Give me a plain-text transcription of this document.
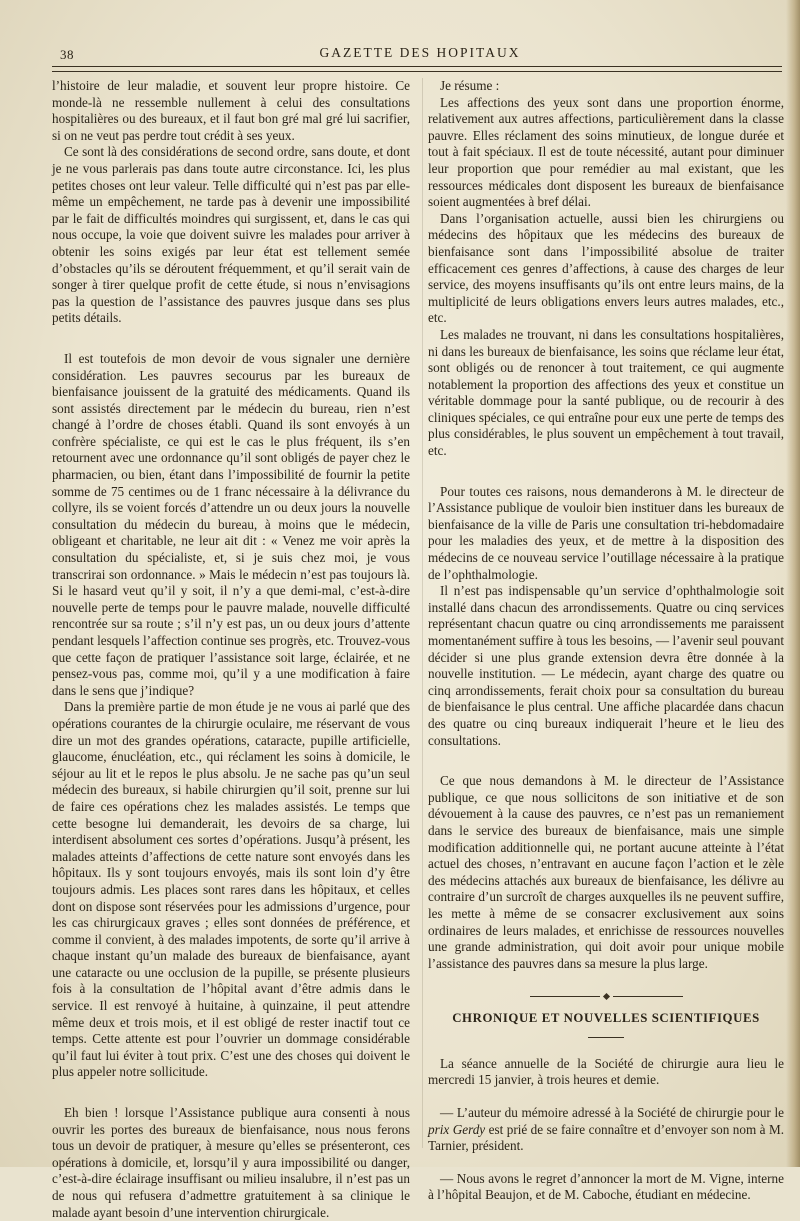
38	GAZETTE DES HOPITAUX

l’histoire de leur maladie, et souvent leur propre histoire. Ce monde-là ne ressemble nullement à celui des consultations hospitalières ou des bureaux, et il faut bon gré mal gré lui sacrifier, si on ne veut pas perdre tout crédit à ses yeux.

Ce sont là des considérations de second ordre, sans doute, et dont je ne vous parlerais pas dans toute autre circonstance. Ici, les plus petites choses ont leur valeur. Telle difficulté qui n’est pas par elle-même un empêchement, ne tarde pas à devenir une impossibilité par le fait de difficultés moindres qui surgissent, et, dans le cas qui nous occupe, la voie que doivent suivre les malades pour arriver à obtenir les soins exigés par leur état est tellement semée d’obstacles qu’ils se déroutent fréquemment, et qu’il serait vain de songer à tirer quelque profit de cette étude, si nous n’envisagions pas la question de l’assistance des pauvres jusque dans ses plus petits détails.

Il est toutefois de mon devoir de vous signaler une dernière considération. Les pauvres secourus par les bureaux de bienfaisance jouissent de la gratuité des médicaments. Quand ils sont assistés directement par le médecin du bureau, rien n’est changé à l’ordre de choses établi. Quand ils sont envoyés à un confrère spécialiste, ce qui est le cas le plus fréquent, ils s’en retournent avec une ordonnance qu’il sont obligés de payer chez le pharmacien, ou bien, étant dans l’impossibilité de fournir la petite somme de 75 centimes ou de 1 franc nécessaire à la délivrance du collyre, ils se voient forcés d’attendre un ou deux jours la nouvelle consultation du médecin du bureau, à moins que le médecin, obligeant et charitable, ne leur ait dit : « Venez me voir après la consultation du spécialiste, et, si je suis chez moi, je vous transcrirai son ordonnance. » Mais le médecin n’est pas toujours là. Si le hasard veut qu’il y soit, il n’y a que demi-mal, c’est-à-dire nouvelle perte de temps pour le pauvre malade, nouvelle difficulté rencontrée sur sa route ; s’il n’y est pas, un ou deux jours d’attente pendant lesquels l’affection continue ses progrès, etc. Trouvez-vous que cette façon de pratiquer l’assistance soit large, éclairée, et ne pensez-vous pas, comme moi, qu’il y a une modification à faire dans le sens que j’indique?

Dans la première partie de mon étude je ne vous ai parlé que des opérations courantes de la chirurgie oculaire, me réservant de vous dire un mot des grandes opérations, cataracte, pupille artificielle, glaucome, énucléation, etc., qui réclament les soins à domicile, le séjour au lit et le repos le plus absolu. Je ne sache pas qu’un seul médecin des bureaux, si habile chirurgien qu’il soit, prenne sur lui de faire ces opérations chez les malades assistés. Le temps que cette besogne lui demanderait, les devoirs de sa charge, lui interdisent absolument ces sortes d’opérations. Jusqu’à présent, les malades atteints d’affections de cette nature sont envoyés dans les hôpitaux. Ils y sont toujours envoyés, mais ils sont loin d’y être toujours admis. Les places sont rares dans les hôpitaux, et celles dont on dispose sont réservées pour les admissions d’urgence, pour les cas chirurgicaux graves ; elles sont données de préférence, et comme il convient, à des malades impotents, de sorte qu’il arrive à chaque instant qu’un malade des bureaux de bienfaisance, ayant une cataracte ou une occlusion de la pupille, se présente plusieurs fois à la consultation de l’hôpital avant d’être admis dans le service. Il est renvoyé à huitaine, à quinzaine, il peut attendre même deux et trois mois, et il est obligé de rester inactif tout ce temps. Cette attente est pour l’ouvrier un dommage considérable qu’il faut lui éviter à tout prix. C’est une des choses qui doivent le plus appeler notre sollicitude.

Eh bien ! lorsque l’Assistance publique aura consenti à nous ouvrir les portes des bureaux de bienfaisance, nous nous ferons tous un devoir de pratiquer, à mesure qu’elles se présenteront, ces opérations à domicile, et, lorsqu’il y aura impossibilité ou danger, c’est-à-dire éclairage insuffisant ou milieu insalubre, il n’est pas un de nous qui refusera d’admettre gratuitement à sa clinique le malade ayant besoin d’une intervention chirurgicale.

Je résume :

Les affections des yeux sont dans une proportion énorme, relativement aux autres affections, particulièrement dans la classe pauvre. Elles réclament des soins minutieux, de longue durée et tout à fait spéciaux. Il est de toute nécessité, autant pour diminuer leur proportion que pour remédier au mal existant, que les ressources médicales dont disposent les bureaux de bienfaisance soient augmentées à bref délai.

Dans l’organisation actuelle, aussi bien les chirurgiens ou médecins des hôpitaux que les médecins des bureaux de bienfaisance sont dans l’impossibilité absolue de traiter efficacement ces genres d’affections, à cause des charges de leur service, des moyens insuffisants qu’ils ont entre leurs mains, de la multiplicité de leurs obligations envers leurs autres malades, etc., etc.

Les malades ne trouvant, ni dans les consultations hospitalières, ni dans les bureaux de bienfaisance, les soins que réclame leur état, sont obligés ou de renoncer à tout traitement, ce qui augmente notablement la proportion des affections des yeux et constitue un véritable dommage pour la santé publique, ou de recourir à des cliniques spéciales, ce qui entraîne pour eux une perte de temps des plus considérables, le plus souvent un empêchement à tout travail, etc.

Pour toutes ces raisons, nous demanderons à M. le directeur de l’Assistance publique de vouloir bien instituer dans les bureaux de bienfaisance de la ville de Paris une consultation tri-hebdomadaire pour les maladies des yeux, et de mettre à la disposition des médecins de ce nouveau service l’outillage nécessaire à la pratique de l’ophthalmologie.

Il n’est pas indispensable qu’un service d’ophthalmologie soit installé dans chacun des arrondissements. Quatre ou cinq services représentant chacun quatre ou cinq arrondissements me paraissent momentanément suffire à tous les besoins, — l’avenir seul pouvant décider si une plus grande extension devra être donnée à la nouvelle institution. — Le médecin, ayant charge des quatre ou cinq arrondissements, ferait choix pour sa consultation du bureau de bienfaisance le plus central. Une affiche placardée dans chacun des quatre ou cinq bureaux indiquerait l’heure et le lieu des consultations.

Ce que nous demandons à M. le directeur de l’Assistance publique, ce que nous sollicitons de son initiative et de son dévouement à la cause des pauvres, ce n’est pas un remaniement dans le service des bureaux de bienfaisance, mais une simple modification additionnelle qui, ne portant aucune atteinte à l’état actuel des choses, n’entravant en aucune façon l’action et le zèle des médecins attachés aux bureaux de bienfaisance, les délivre au contraire d’un surcroît de charges auxquelles ils ne peuvent suffire, les mette à même de se consacrer exclusivement aux soins ordinaires de leurs malades, et enrichisse de ressources nouvelles une grande administration, qui doit avoir pour unique mobile l’assistance des pauvres dans sa mesure la plus large.

CHRONIQUE ET NOUVELLES SCIENTIFIQUES

La séance annuelle de la Société de chirurgie aura lieu le mercredi 15 janvier, à trois heures et demie.

— L’auteur du mémoire adressé à la Société de chirurgie pour le prix Gerdy est prié de se faire connaître et d’envoyer son nom à M. Tarnier, président.

— Nous avons le regret d’annoncer la mort de M. Vigne, interne à l’hôpital Beaujon, et de M. Caboche, étudiant en médecine.
